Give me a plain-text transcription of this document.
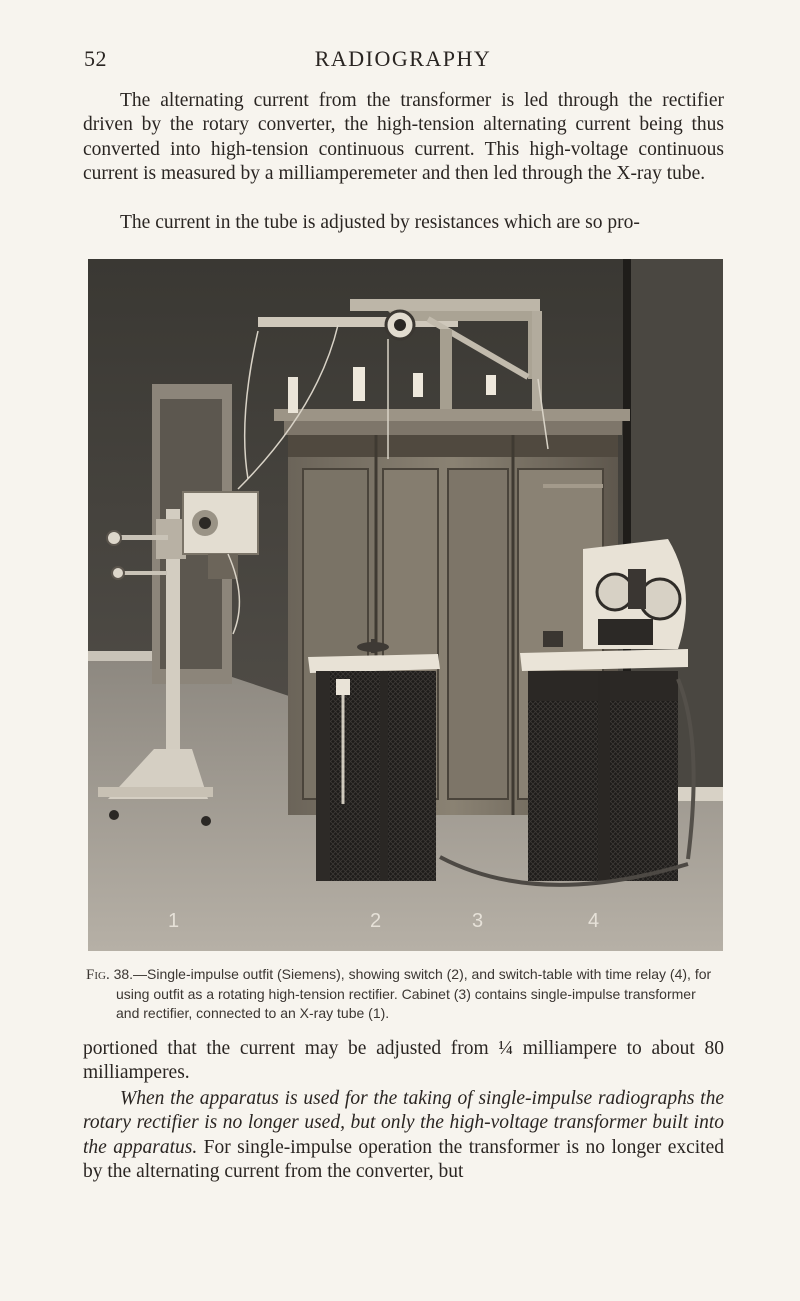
52	RADIOGRAPHY

The alternating current from the transformer is led through the rectifier driven by the rotary converter, the high-tension alternating current being thus converted into high-tension continuous current. This high-voltage continuous current is measured by a milliamperemeter and then led through the X-ray tube.

The current in the tube is adjusted by resistances which are so pro-

1	2	3	4

Fig. 38.—Single-impulse outfit (Siemens), showing switch (2), and switch-table with time relay (4), for using outfit as a rotating high-tension rectifier. Cabinet (3) contains single-impulse transformer and rectifier, connected to an X-ray tube (1).

portioned that the current may be adjusted from ¼ milliampere to about 80 milliamperes.

When the apparatus is used for the taking of single-impulse radiographs the rotary rectifier is no longer used, but only the high-voltage transformer built into the apparatus. For single-impulse operation the transformer is no longer excited by the alternating current from the converter, but
